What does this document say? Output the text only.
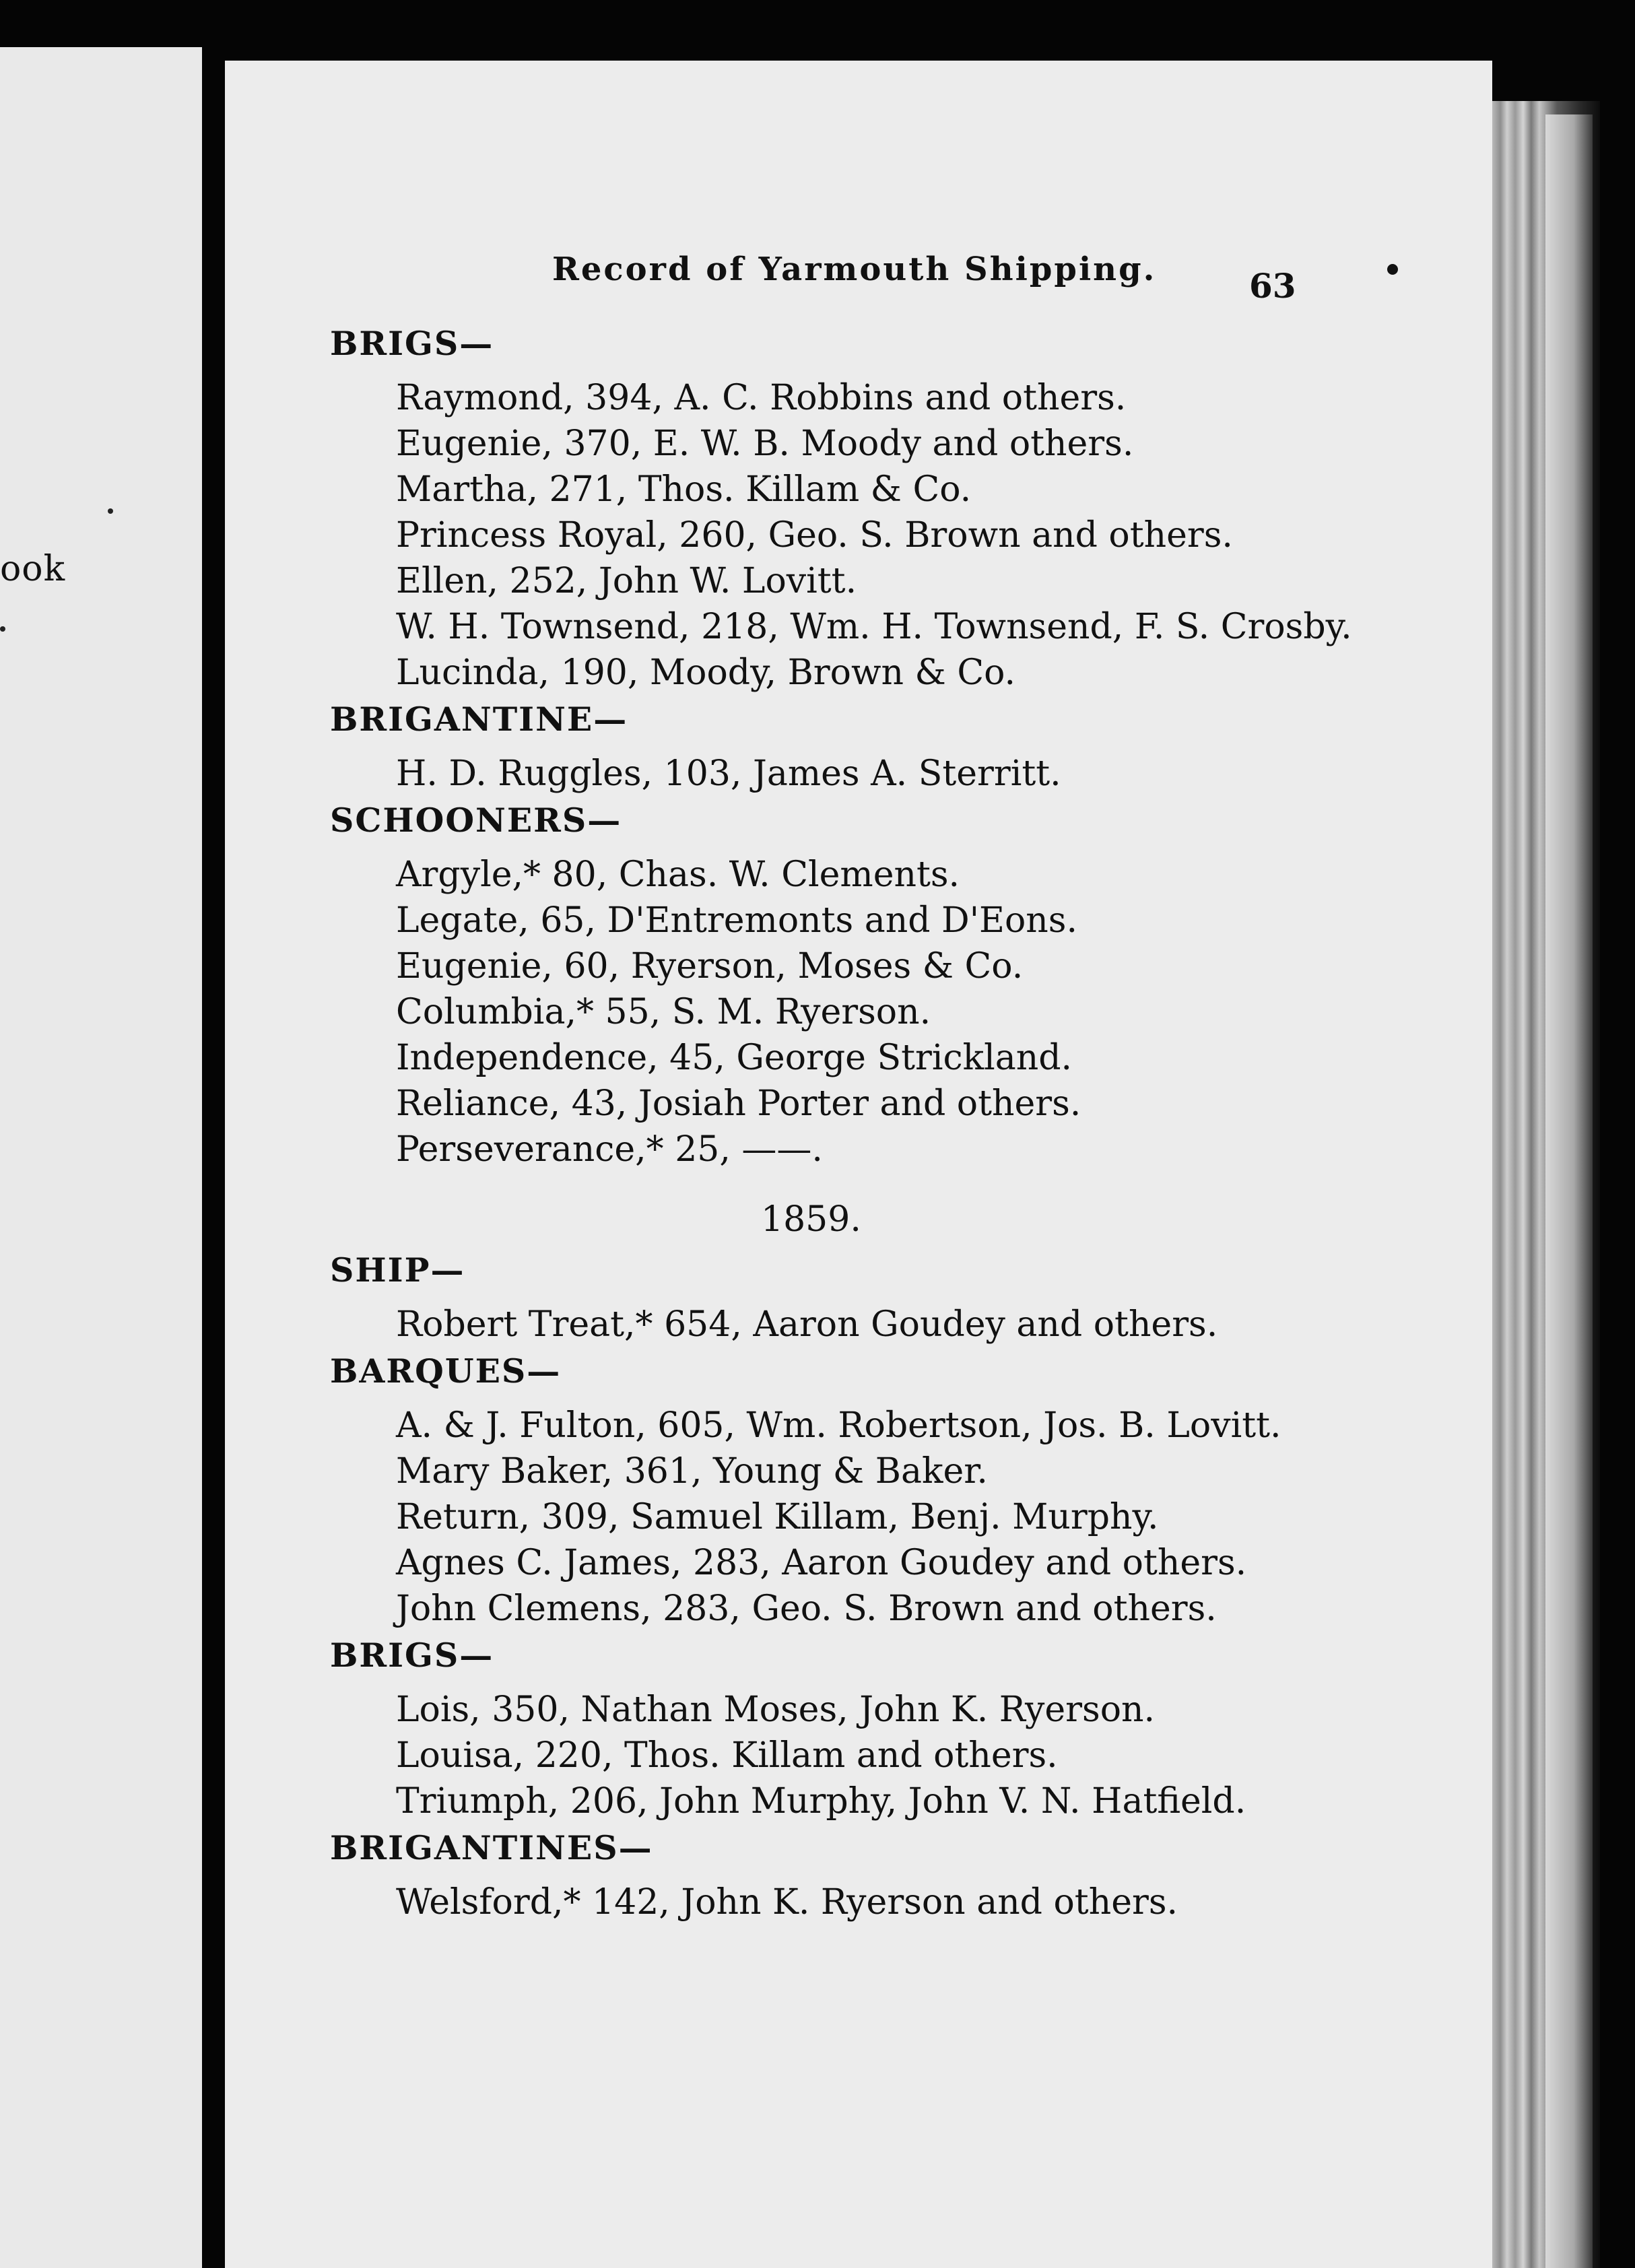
ook
Record of Yarmouth Shipping.	63
BRIGS—
Raymond, 394, A. C. Robbins and others.
Eugenie, 370, E. W. B. Moody and others.
Martha, 271, Thos. Killam & Co.
Princess Royal, 260, Geo. S. Brown and others.
Ellen, 252, John W. Lovitt.
W. H. Townsend, 218, Wm. H. Townsend, F. S. Crosby.
Lucinda, 190, Moody, Brown & Co.
BRIGANTINE—
H. D. Ruggles, 103, James A. Sterritt.
SCHOONERS—
Argyle,* 80, Chas. W. Clements.
Legate, 65, D'Entremonts and D'Eons.
Eugenie, 60, Ryerson, Moses & Co.
Columbia,* 55, S. M. Ryerson.
Independence, 45, George Strickland.
Reliance, 43, Josiah Porter and others.
Perseverance,* 25, ——.
1859.
SHIP—
Robert Treat,* 654, Aaron Goudey and others.
BARQUES—
A. & J. Fulton, 605, Wm. Robertson, Jos. B. Lovitt.
Mary Baker, 361, Young & Baker.
Return, 309, Samuel Killam, Benj. Murphy.
Agnes C. James, 283, Aaron Goudey and others.
John Clemens, 283, Geo. S. Brown and others.
BRIGS—
Lois, 350, Nathan Moses, John K. Ryerson.
Louisa, 220, Thos. Killam and others.
Triumph, 206, John Murphy, John V. N. Hatfield.
BRIGANTINES—
Welsford,* 142, John K. Ryerson and others.
